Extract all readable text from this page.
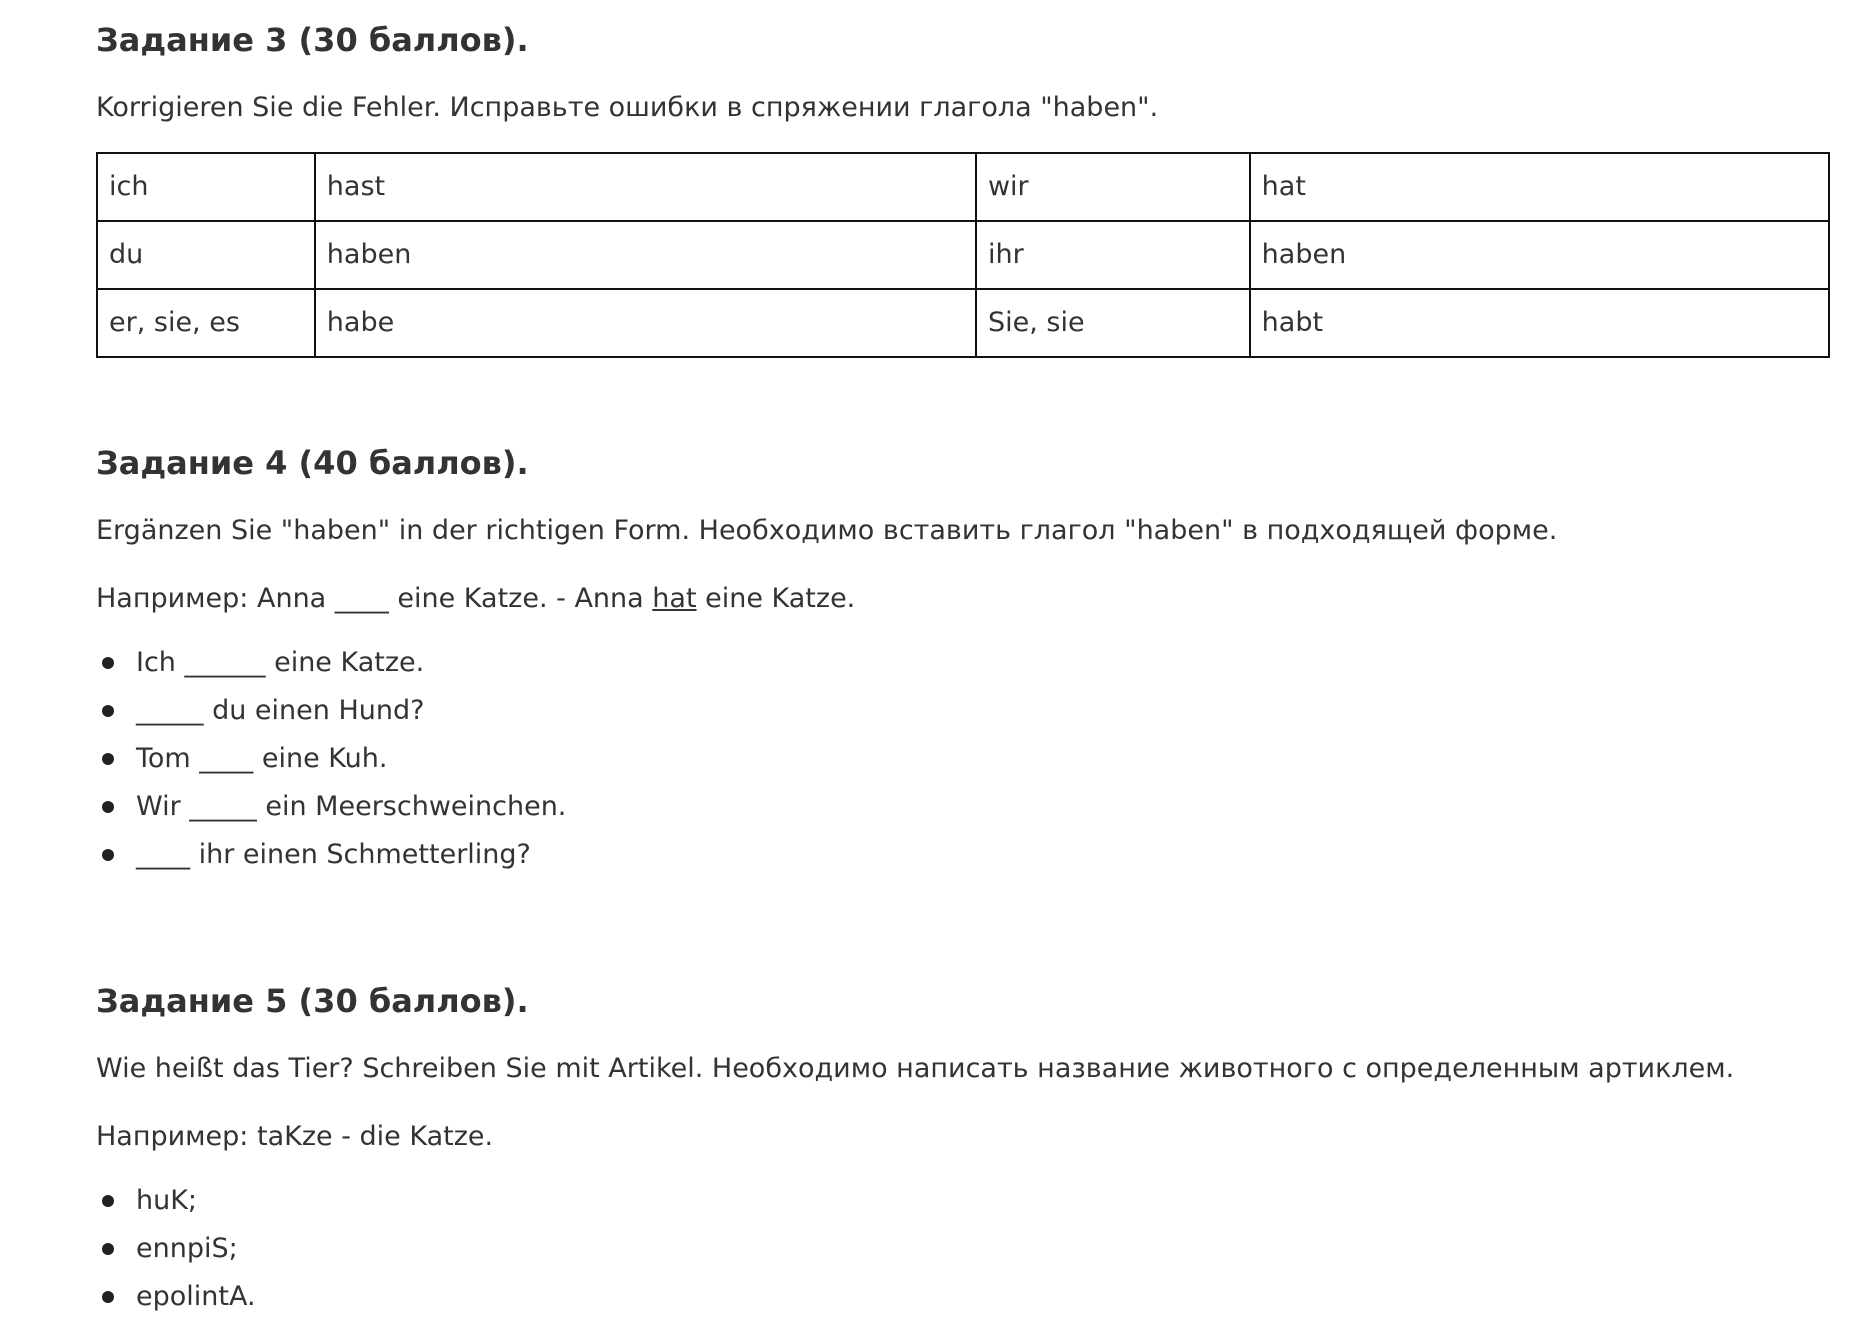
Задание 3 (30 баллов).

Korrigieren Sie die Fehler. Исправьте ошибки в спряжении глагола "haben".

ich	hast	wir	hat
du	haben	ihr	haben
er, sie, es	habe	Sie, sie	habt
Задание 4 (40 баллов).

Ergänzen Sie "haben" in der richtigen Form. Необходимо вставить глагол "haben" в подходящей форме.

Например: Anna ____ eine Katze. - Anna hat eine Katze.

Ich ______ eine Katze.
_____ du einen Hund?
Tom ____ eine Kuh.
Wir _____ ein Meerschweinchen.
____ ihr einen Schmetterling?
Задание 5 (30 баллов).

Wie heißt das Tier? Schreiben Sie mit Artikel. Необходимо написать название животного с определенным артиклем.

Например: taKze - die Katze.

huK;
ennpiS;
epolintA.
